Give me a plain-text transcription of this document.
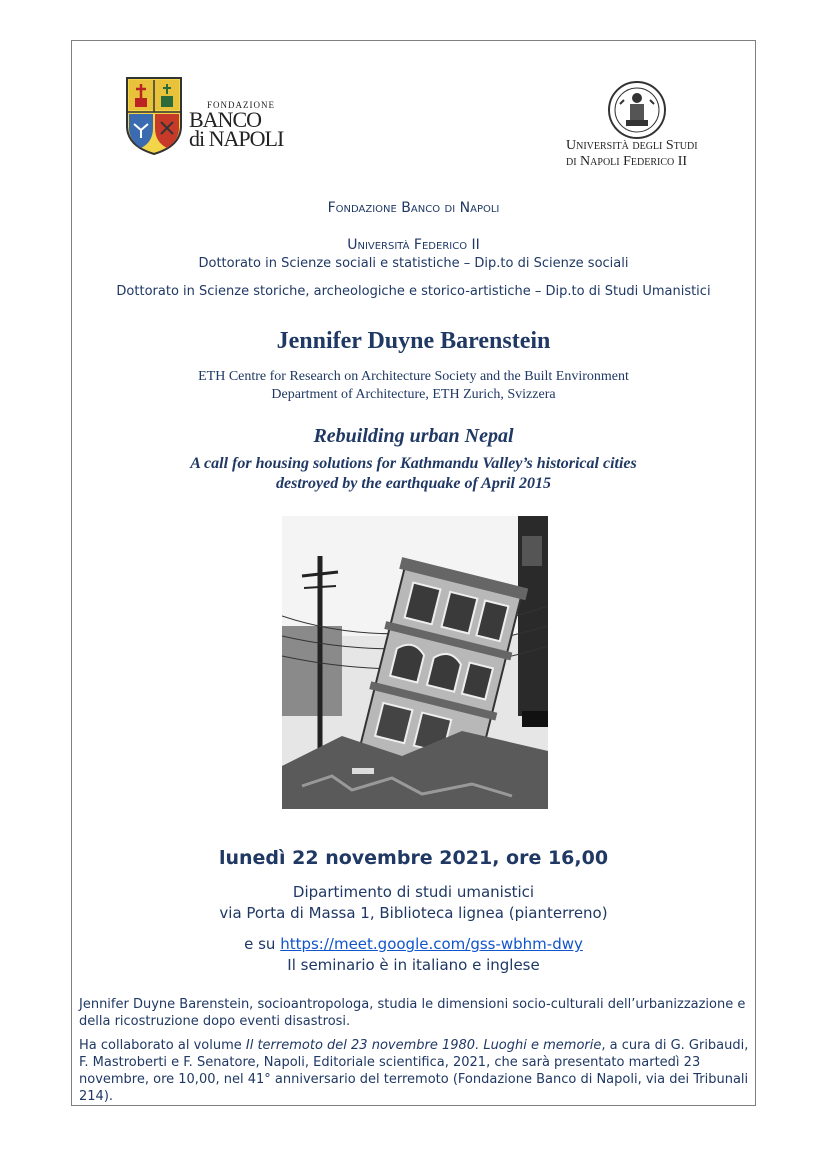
FONDAZIONE
BANCO
di NAPOLI	Università degli Studi
di Napoli Federico II
Fondazione Banco di Napoli
Università Federico II
Dottorato in Scienze sociali e statistiche – Dip.to di Scienze sociali
Dottorato in Scienze storiche, archeologiche e storico-artistiche – Dip.to di Studi Umanistici
Jennifer Duyne Barenstein
ETH Centre for Research on Architecture Society and the Built Environment
Department of Architecture, ETH Zurich, Svizzera
Rebuilding urban Nepal
A call for housing solutions for Kathmandu Valley’s historical cities
destroyed by the earthquake of April 2015
lunedì 22 novembre 2021, ore 16,00
Dipartimento di studi umanistici
via Porta di Massa 1, Biblioteca lignea (pianterreno)
e su https://meet.google.com/gss-wbhm-dwy
Il seminario è in italiano e inglese
Jennifer Duyne Barenstein, socioantropologa, studia le dimensioni socio-culturali dell’urbanizzazione e della ricostruzione dopo eventi disastrosi.
Ha collaborato al volume Il terremoto del 23 novembre 1980. Luoghi e memorie, a cura di G. Gribaudi, F. Mastroberti e F. Senatore, Napoli, Editoriale scientifica, 2021, che sarà presentato martedì 23 novembre, ore 10,00, nel 41° anniversario del terremoto (Fondazione Banco di Napoli, via dei Tribunali 214).
